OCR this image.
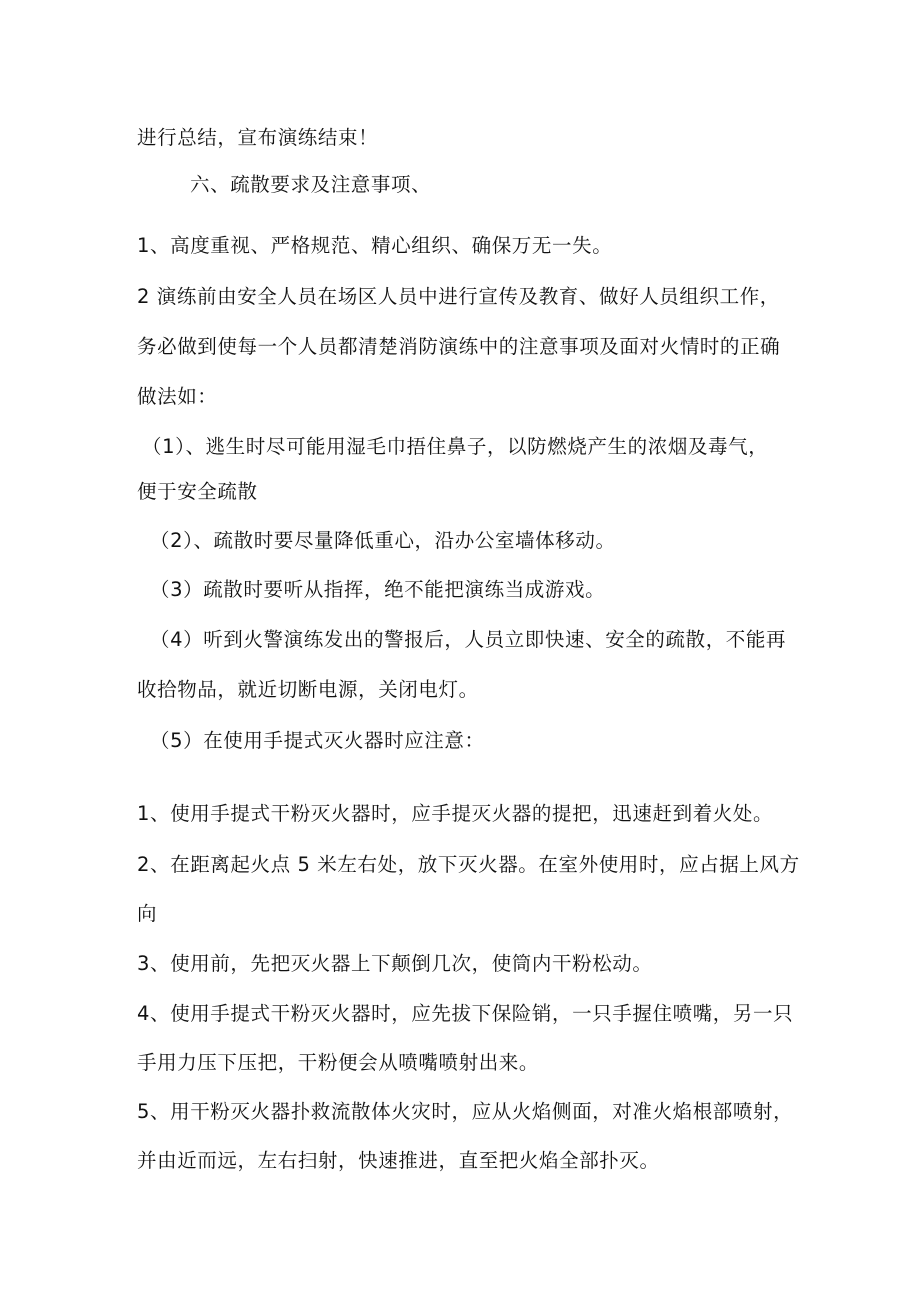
进行总结，宣布演练结束！
六、疏散要求及注意事项、
1、高度重视、严格规范、精心组织、确保万无一失。
2 演练前由安全人员在场区人员中进行宣传及教育、做好人员组织工作，
务必做到使每一个人员都清楚消防演练中的注意事项及面对火情时的正确
做法如：
（1）、逃生时尽可能用湿毛巾捂住鼻子，以防燃烧产生的浓烟及毒气，
便于安全疏散
（2）、疏散时要尽量降低重心，沿办公室墙体移动。
（3）疏散时要听从指挥，绝不能把演练当成游戏。
（4）听到火警演练发出的警报后，人员立即快速、安全的疏散，不能再
收拾物品，就近切断电源，关闭电灯。
（5）在使用手提式灭火器时应注意：
1、使用手提式干粉灭火器时，应手提灭火器的提把，迅速赶到着火处。
2、在距离起火点 5 米左右处，放下灭火器。在室外使用时，应占据上风方
向
3、使用前，先把灭火器上下颠倒几次，使筒内干粉松动。
4、使用手提式干粉灭火器时，应先拔下保险销，一只手握住喷嘴，另一只
手用力压下压把，干粉便会从喷嘴喷射出来。
5、用干粉灭火器扑救流散体火灾时，应从火焰侧面，对准火焰根部喷射，
并由近而远，左右扫射，快速推进，直至把火焰全部扑灭。
